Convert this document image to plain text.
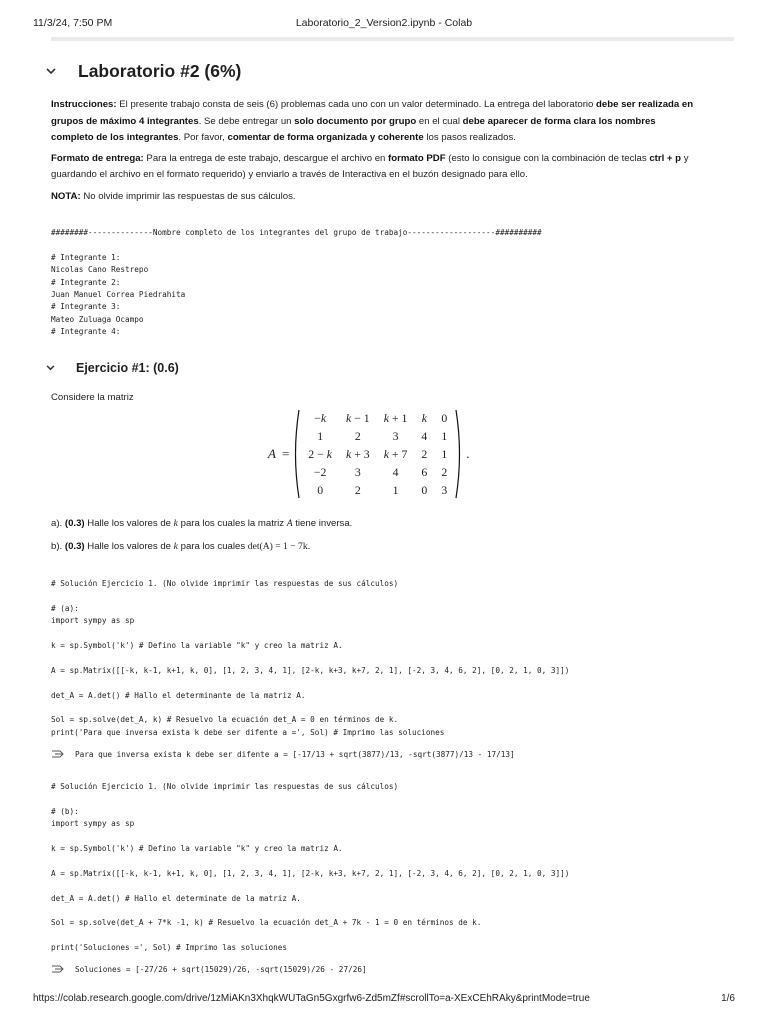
11/3/24, 7:50 PM	Laboratorio_2_Version2.ipynb - Colab
Laboratorio #2 (6%)

Instrucciones: El presente trabajo consta de seis (6) problemas cada uno con un valor determinado. La entrega del laboratorio debe ser realizada en grupos de máximo 4 integrantes. Se debe entregar un solo documento por grupo en el cual debe aparecer de forma clara los nombres completo de los integrantes. Por favor, comentar de forma organizada y coherente los pasos realizados.

Formato de entrega: Para la entrega de este trabajo, descargue el archivo en formato PDF (esto lo consigue con la combinación de teclas ctrl + p y guardando el archivo en el formato requerido) y enviarlo a través de Interactiva en el buzón designado para ello.

NOTA: No olvide imprimir las respuestas de sus cálculos.

########--------------Nombre completo de los integrantes del grupo de trabajo-------------------##########

# Integrante 1:
Nicolas Cano Restrepo
# Integrante 2:
Juan Manuel Correa Piedrahita
# Integrante 3:
Mateo Zuluaga Ocampo
# Integrante 4:
Ejercicio #1: (0.6)
Considere la matriz
A =
−k	k − 1	k + 1	k	0
1	2	3	4	1
2 − k	k + 3	k + 7	2	1
−2	3	4	6	2
0	2	1	0	3
.
a). (0.3) Halle los valores de k para los cuales la matriz A tiene inversa.
b). (0.3) Halle los valores de k para los cuales det(A) = 1 − 7k.
# Solución Ejercicio 1. (No olvide imprimir las respuestas de sus cálculos)

# (a):
import sympy as sp

k = sp.Symbol('k') # Defino la variable "k" y creo la matriz A.

A = sp.Matrix([[-k, k-1, k+1, k, 0], [1, 2, 3, 4, 1], [2-k, k+3, k+7, 2, 1], [-2, 3, 4, 6, 2], [0, 2, 1, 0, 3]])

det_A = A.det() # Hallo el determinante de la matriz A.

Sol = sp.solve(det_A, k) # Resuelvo la ecuación det_A = 0 en términos de k.
print('Para que inversa exista k debe ser difente a =', Sol) # Imprimo las soluciones
Para que inversa exista k debe ser difente a = [-17/13 + sqrt(3877)/13, -sqrt(3877)/13 - 17/13]
# Solución Ejercicio 1. (No olvide imprimir las respuestas de sus cálculos)

# (b):
import sympy as sp

k = sp.Symbol('k') # Defino la variable "k" y creo la matriz A.

A = sp.Matrix([[-k, k-1, k+1, k, 0], [1, 2, 3, 4, 1], [2-k, k+3, k+7, 2, 1], [-2, 3, 4, 6, 2], [0, 2, 1, 0, 3]])

det_A = A.det() # Hallo el determinate de la matriz A.

Sol = sp.solve(det_A + 7*k -1, k) # Resuelvo la ecuación det_A + 7k - 1 = 0 en términos de k.

print('Soluciones =', Sol) # Imprimo las soluciones
Soluciones = [-27/26 + sqrt(15029)/26, -sqrt(15029)/26 - 27/26]
https://colab.research.google.com/drive/1zMiAKn3XhqkWUTaGn5Gxgrfw6-Zd5mZf#scrollTo=a-XExCEhRAky&printMode=true	1/6
